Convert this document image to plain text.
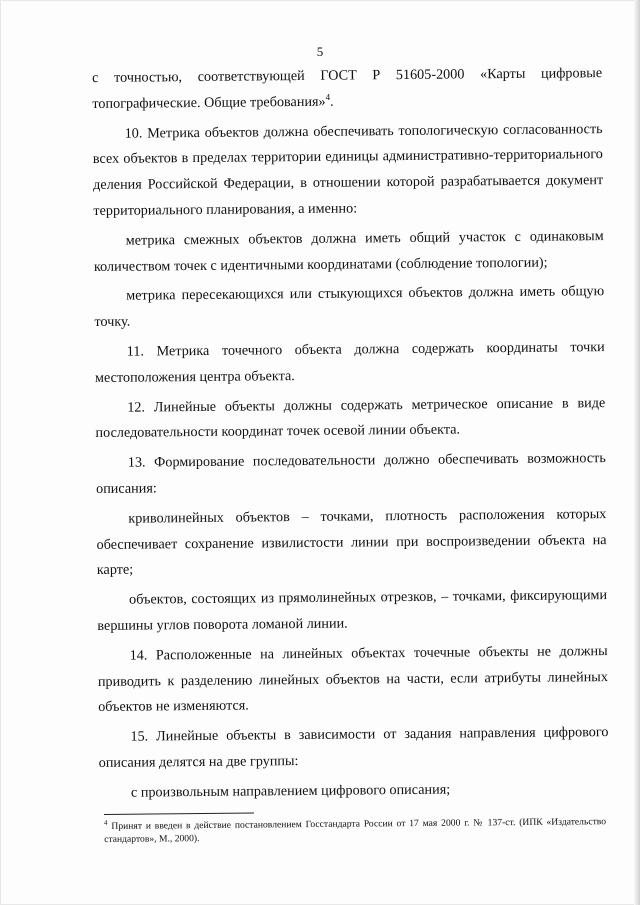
5

с точностью, соответствующей ГОСТ Р 51605-2000 «Карты цифровые топографические. Общие требования»$^4$.

10. Метрика объектов должна обеспечивать топологическую согласованность всех объектов в пределах территории единицы административно-территориального деления Российской Федерации, в отношении которой разрабатывается документ территориального планирования, а именно:

метрика смежных объектов должна иметь общий участок с одинаковым количеством точек с идентичными координатами (соблюдение топологии);

метрика пересекающихся или стыкующихся объектов должна иметь общую точку.

11. Метрика точечного объекта должна содержать координаты точки местоположения центра объекта.

12. Линейные объекты должны содержать метрическое описание в виде последовательности координат точек осевой линии объекта.

13. Формирование последовательности должно обеспечивать возможность описания:

криволинейных объектов – точками, плотность расположения которых обеспечивает сохранение извилистости линии при воспроизведении объекта на карте;

объектов, состоящих из прямолинейных отрезков, – точками, фиксирующими вершины углов поворота ломаной линии.

14. Расположенные на линейных объектах точечные объекты не должны приводить к разделению линейных объектов на части, если атрибуты линейных объектов не изменяются.

15. Линейные объекты в зависимости от задания направления цифрового описания делятся на две группы:

с произвольным направлением цифрового описания;

$^4$ Принят и введен в действие постановлением Госстандарта России от 17 мая 2000 г. № 137-ст. (ИПК «Издательство стандартов», М., 2000).
